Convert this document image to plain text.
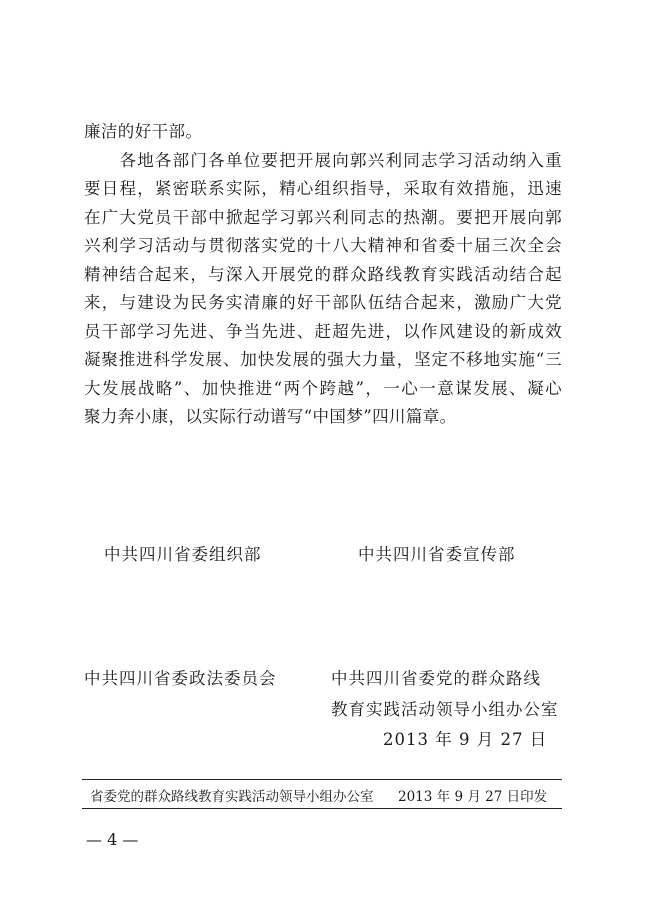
廉洁的好干部。
　　各地各部门各单位要把开展向郭兴利同志学习活动纳入重
要日程，紧密联系实际，精心组织指导，采取有效措施，迅速
在广大党员干部中掀起学习郭兴利同志的热潮。要把开展向郭
兴利学习活动与贯彻落实党的十八大精神和省委十届三次全会
精神结合起来，与深入开展党的群众路线教育实践活动结合起
来，与建设为民务实清廉的好干部队伍结合起来，激励广大党
员干部学习先进、争当先进、赶超先进，以作风建设的新成效
凝聚推进科学发展、加快发展的强大力量，坚定不移地实施“三
大发展战略”、加快推进“两个跨越”，一心一意谋发展、凝心
聚力奔小康，以实际行动谱写“中国梦”四川篇章。
中共四川省委组织部	中共四川省委宣传部
中共四川省委政法委员会	中共四川省委党的群众路线
教育实践活动领导小组办公室
2013 年 9 月 27 日
省委党的群众路线教育实践活动领导小组办公室 2013 年 9 月 27 日印发
— 4 —
